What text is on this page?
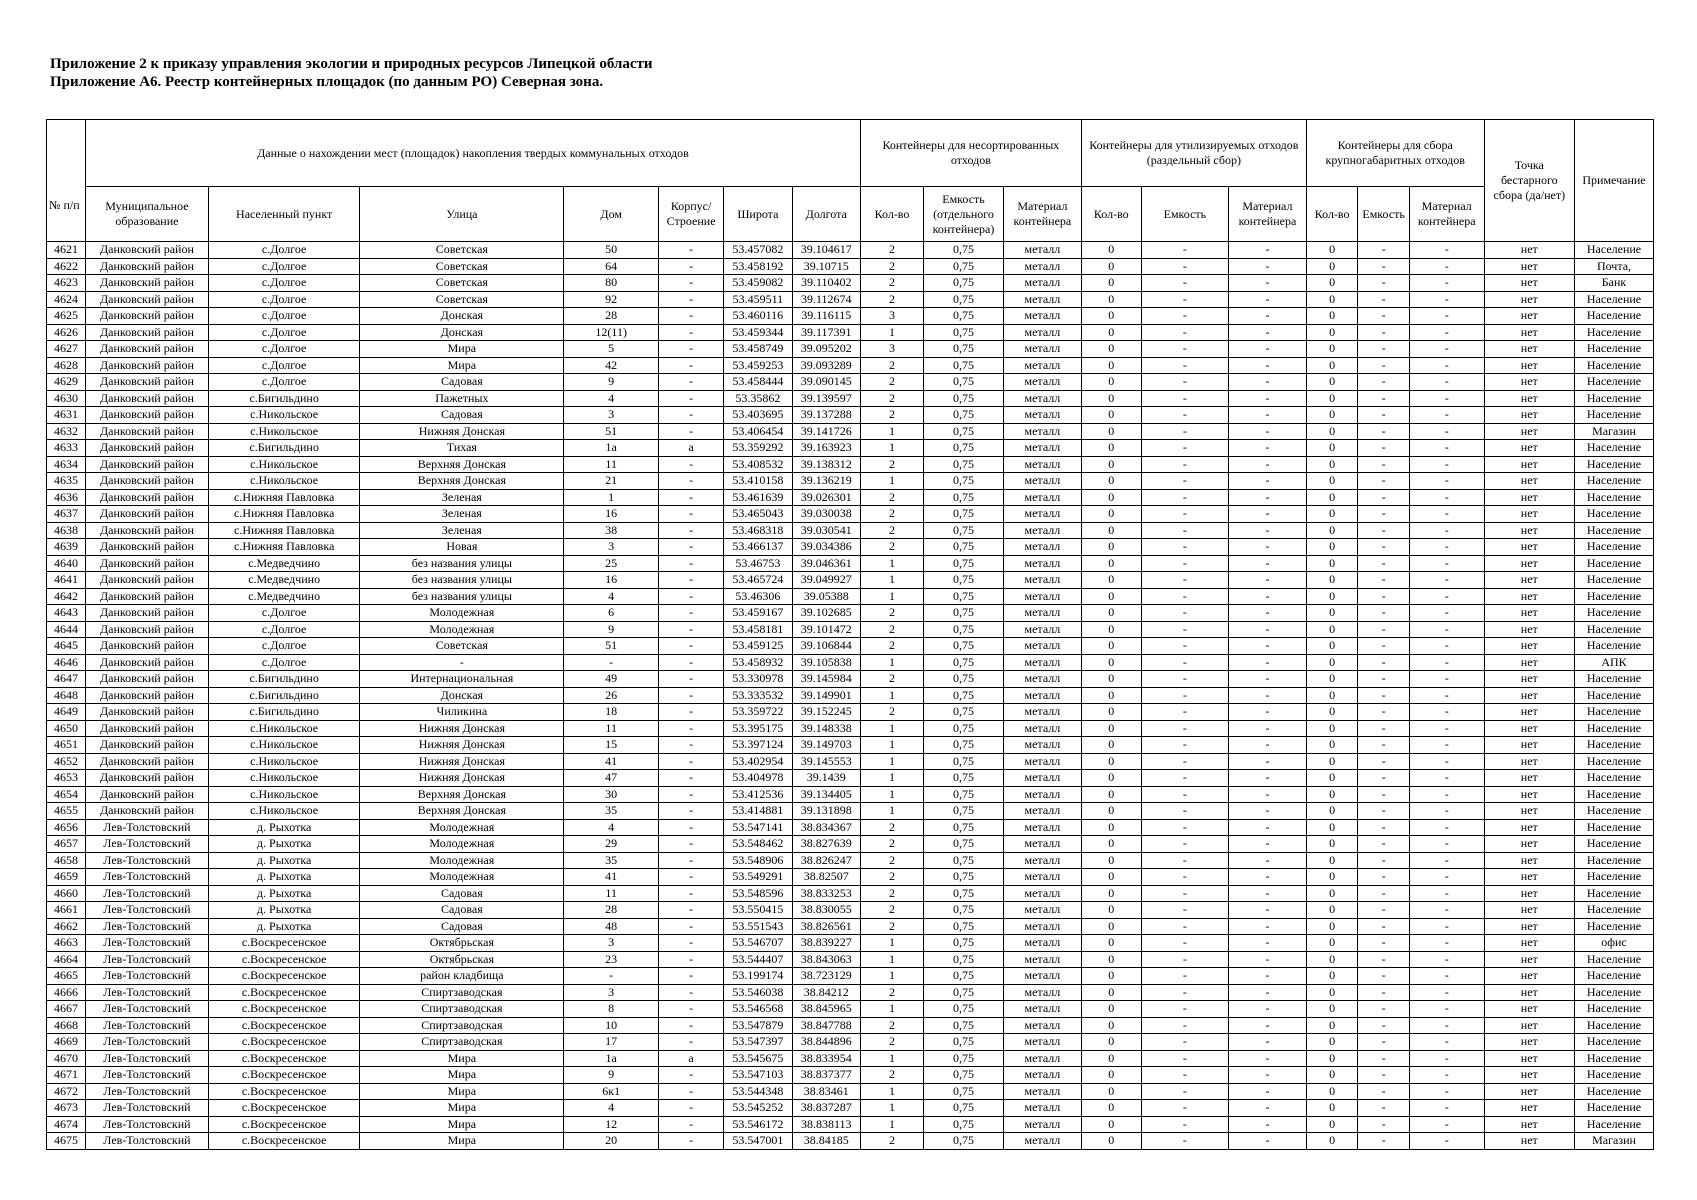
Приложение 2 к приказу управления экологии и природных ресурсов Липецкой области
Приложение А6. Реестр контейнерных площадок (по данным РО) Северная зона.
№ п/п	Данные о нахождении мест (площадок) накопления твердых коммунальных отходов							Контейнеры для несортированных отходов			Контейнеры для утилизируемых отходов (раздельный сбор)			Контейнеры для сбора крупногабаритных отходов			Точка бестарного сбора (да/нет)	Примечание
	Муниципальное образование	Населенный пункт	Улица	Дом	Корпус/ Строение	Широта	Долгота	Кол-во	Емкость (отдельного контейнера)	Материал контейнера	Кол-во	Емкость	Материал контейнера	Кол-во	Емкость	Материал контейнера		
4621	Данковский район	с.Долгое	Советская	50	-	53.457082	39.104617	2	0,75	металл	0	-	-	0	-	-	нет	Население
4622	Данковский район	с.Долгое	Советская	64	-	53.458192	39.10715	2	0,75	металл	0	-	-	0	-	-	нет	Почта,
4623	Данковский район	с.Долгое	Советская	80	-	53.459082	39.110402	2	0,75	металл	0	-	-	0	-	-	нет	Банк
4624	Данковский район	с.Долгое	Советская	92	-	53.459511	39.112674	2	0,75	металл	0	-	-	0	-	-	нет	Население
4625	Данковский район	с.Долгое	Донская	28	-	53.460116	39.116115	3	0,75	металл	0	-	-	0	-	-	нет	Население
4626	Данковский район	с.Долгое	Донская	12(11)	-	53.459344	39.117391	1	0,75	металл	0	-	-	0	-	-	нет	Население
4627	Данковский район	с.Долгое	Мира	5	-	53.458749	39.095202	3	0,75	металл	0	-	-	0	-	-	нет	Население
4628	Данковский район	с.Долгое	Мира	42	-	53.459253	39.093289	2	0,75	металл	0	-	-	0	-	-	нет	Население
4629	Данковский район	с.Долгое	Садовая	9	-	53.458444	39.090145	2	0,75	металл	0	-	-	0	-	-	нет	Население
4630	Данковский район	с.Бигильдино	Пажетных	4	-	53.35862	39.139597	2	0,75	металл	0	-	-	0	-	-	нет	Население
4631	Данковский район	с.Никольское	Садовая	3	-	53.403695	39.137288	2	0,75	металл	0	-	-	0	-	-	нет	Население
4632	Данковский район	с.Никольское	Нижняя Донская	51	-	53.406454	39.141726	1	0,75	металл	0	-	-	0	-	-	нет	Магазин
4633	Данковский район	с.Бигильдино	Тихая	1а	а	53.359292	39.163923	1	0,75	металл	0	-	-	0	-	-	нет	Население
4634	Данковский район	с.Никольское	Верхняя Донская	11	-	53.408532	39.138312	2	0,75	металл	0	-	-	0	-	-	нет	Население
4635	Данковский район	с.Никольское	Верхняя Донская	21	-	53.410158	39.136219	1	0,75	металл	0	-	-	0	-	-	нет	Население
4636	Данковский район	с.Нижняя Павловка	Зеленая	1	-	53.461639	39.026301	2	0,75	металл	0	-	-	0	-	-	нет	Население
4637	Данковский район	с.Нижняя Павловка	Зеленая	16	-	53.465043	39.030038	2	0,75	металл	0	-	-	0	-	-	нет	Население
4638	Данковский район	с.Нижняя Павловка	Зеленая	38	-	53.468318	39.030541	2	0,75	металл	0	-	-	0	-	-	нет	Население
4639	Данковский район	с.Нижняя Павловка	Новая	3	-	53.466137	39.034386	2	0,75	металл	0	-	-	0	-	-	нет	Население
4640	Данковский район	с.Медведчино	без названия улицы	25	-	53.46753	39.046361	1	0,75	металл	0	-	-	0	-	-	нет	Население
4641	Данковский район	с.Медведчино	без названия улицы	16	-	53.465724	39.049927	1	0,75	металл	0	-	-	0	-	-	нет	Население
4642	Данковский район	с.Медведчино	без названия улицы	4	-	53.46306	39.05388	1	0,75	металл	0	-	-	0	-	-	нет	Население
4643	Данковский район	с.Долгое	Молодежная	6	-	53.459167	39.102685	2	0,75	металл	0	-	-	0	-	-	нет	Население
4644	Данковский район	с.Долгое	Молодежная	9	-	53.458181	39.101472	2	0,75	металл	0	-	-	0	-	-	нет	Население
4645	Данковский район	с.Долгое	Советская	51	-	53.459125	39.106844	2	0,75	металл	0	-	-	0	-	-	нет	Население
4646	Данковский район	с.Долгое	-	-	-	53.458932	39.105838	1	0,75	металл	0	-	-	0	-	-	нет	АПК
4647	Данковский район	с.Бигильдино	Интернациональная	49	-	53.330978	39.145984	2	0,75	металл	0	-	-	0	-	-	нет	Население
4648	Данковский район	с.Бигильдино	Донская	26	-	53.333532	39.149901	1	0,75	металл	0	-	-	0	-	-	нет	Население
4649	Данковский район	с.Бигильдино	Чиликина	18	-	53.359722	39.152245	2	0,75	металл	0	-	-	0	-	-	нет	Население
4650	Данковский район	с.Никольское	Нижняя Донская	11	-	53.395175	39.148338	1	0,75	металл	0	-	-	0	-	-	нет	Население
4651	Данковский район	с.Никольское	Нижняя Донская	15	-	53.397124	39.149703	1	0,75	металл	0	-	-	0	-	-	нет	Население
4652	Данковский район	с.Никольское	Нижняя Донская	41	-	53.402954	39.145553	1	0,75	металл	0	-	-	0	-	-	нет	Население
4653	Данковский район	с.Никольское	Нижняя Донская	47	-	53.404978	39.1439	1	0,75	металл	0	-	-	0	-	-	нет	Население
4654	Данковский район	с.Никольское	Верхняя Донская	30	-	53.412536	39.134405	1	0,75	металл	0	-	-	0	-	-	нет	Население
4655	Данковский район	с.Никольское	Верхняя Донская	35	-	53.414881	39.131898	1	0,75	металл	0	-	-	0	-	-	нет	Население
4656	Лев-Толстовский	д. Рыхотка	Молодежная	4	-	53.547141	38.834367	2	0,75	металл	0	-	-	0	-	-	нет	Население
4657	Лев-Толстовский	д. Рыхотка	Молодежная	29	-	53.548462	38.827639	2	0,75	металл	0	-	-	0	-	-	нет	Население
4658	Лев-Толстовский	д. Рыхотка	Молодежная	35	-	53.548906	38.826247	2	0,75	металл	0	-	-	0	-	-	нет	Население
4659	Лев-Толстовский	д. Рыхотка	Молодежная	41	-	53.549291	38.82507	2	0,75	металл	0	-	-	0	-	-	нет	Население
4660	Лев-Толстовский	д. Рыхотка	Садовая	11	-	53.548596	38.833253	2	0,75	металл	0	-	-	0	-	-	нет	Население
4661	Лев-Толстовский	д. Рыхотка	Садовая	28	-	53.550415	38.830055	2	0,75	металл	0	-	-	0	-	-	нет	Население
4662	Лев-Толстовский	д. Рыхотка	Садовая	48	-	53.551543	38.826561	2	0,75	металл	0	-	-	0	-	-	нет	Население
4663	Лев-Толстовский	с.Воскресенское	Октябрьская	3	-	53.546707	38.839227	1	0,75	металл	0	-	-	0	-	-	нет	офис
4664	Лев-Толстовский	с.Воскресенское	Октябрьская	23	-	53.544407	38.843063	1	0,75	металл	0	-	-	0	-	-	нет	Население
4665	Лев-Толстовский	с.Воскресенское	район кладбища	-	-	53.199174	38.723129	1	0,75	металл	0	-	-	0	-	-	нет	Население
4666	Лев-Толстовский	с.Воскресенское	Спиртзаводская	3	-	53.546038	38.84212	2	0,75	металл	0	-	-	0	-	-	нет	Население
4667	Лев-Толстовский	с.Воскресенское	Спиртзаводская	8	-	53.546568	38.845965	1	0,75	металл	0	-	-	0	-	-	нет	Население
4668	Лев-Толстовский	с.Воскресенское	Спиртзаводская	10	-	53.547879	38.847788	2	0,75	металл	0	-	-	0	-	-	нет	Население
4669	Лев-Толстовский	с.Воскресенское	Спиртзаводская	17	-	53.547397	38.844896	2	0,75	металл	0	-	-	0	-	-	нет	Население
4670	Лев-Толстовский	с.Воскресенское	Мира	1а	а	53.545675	38.833954	1	0,75	металл	0	-	-	0	-	-	нет	Население
4671	Лев-Толстовский	с.Воскресенское	Мира	9	-	53.547103	38.837377	2	0,75	металл	0	-	-	0	-	-	нет	Население
4672	Лев-Толстовский	с.Воскресенское	Мира	6к1	-	53.544348	38.83461	1	0,75	металл	0	-	-	0	-	-	нет	Население
4673	Лев-Толстовский	с.Воскресенское	Мира	4	-	53.545252	38.837287	1	0,75	металл	0	-	-	0	-	-	нет	Население
4674	Лев-Толстовский	с.Воскресенское	Мира	12	-	53.546172	38.838113	1	0,75	металл	0	-	-	0	-	-	нет	Население
4675	Лев-Толстовский	с.Воскресенское	Мира	20	-	53.547001	38.84185	2	0,75	металл	0	-	-	0	-	-	нет	Магазин
